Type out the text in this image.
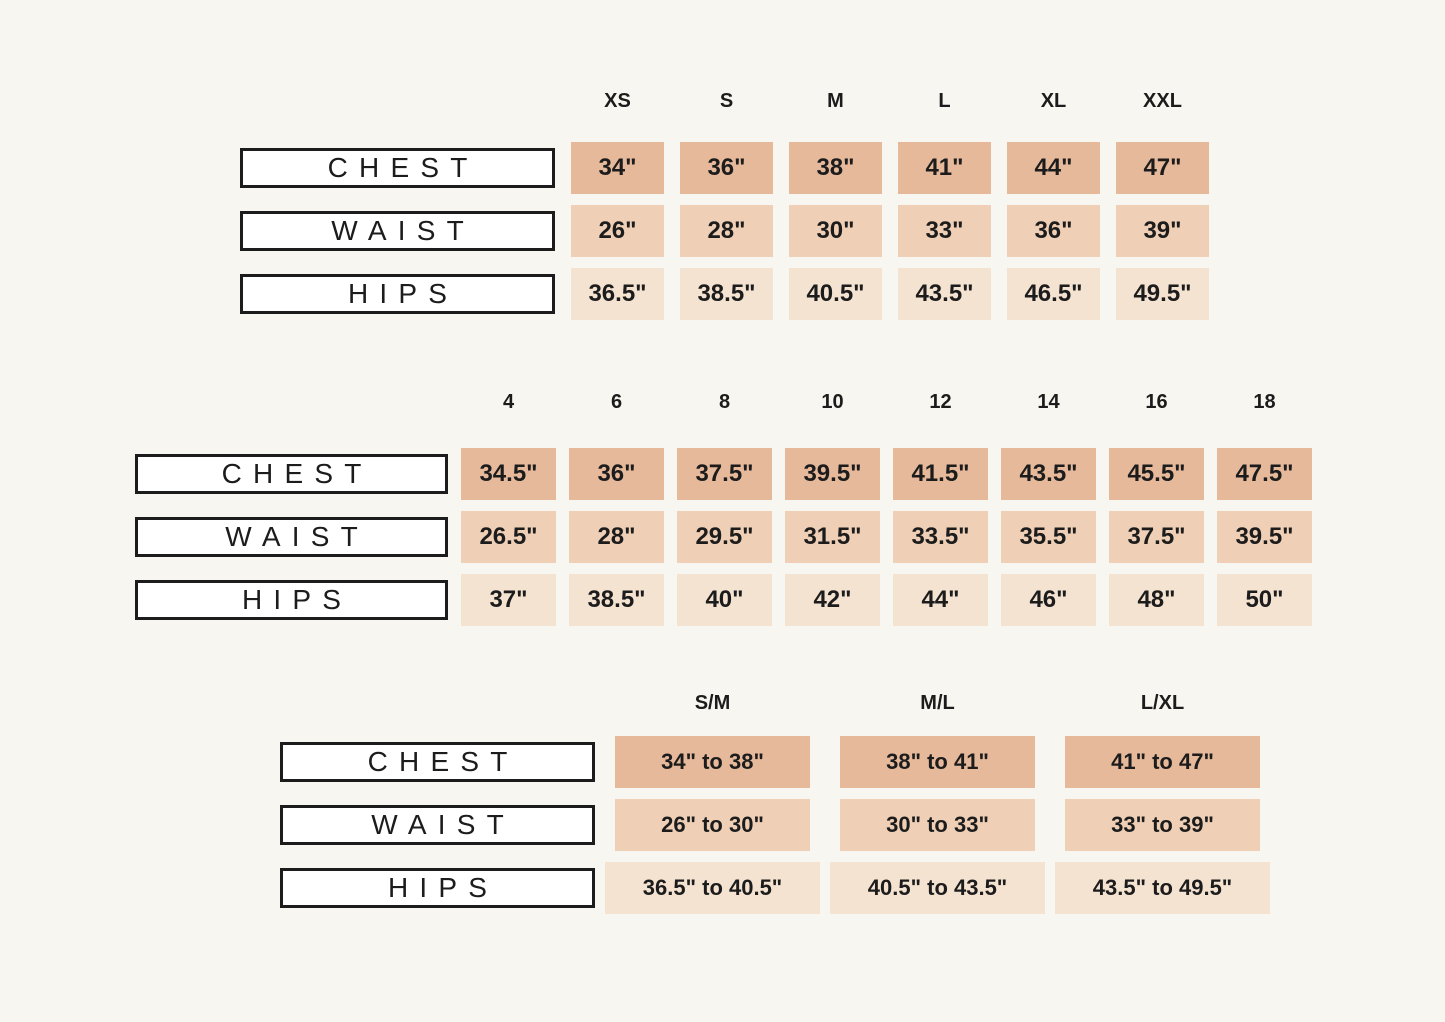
XS	S	M	L	XL	XXL
CHEST	34"	36"	38"	41"	44"	47"
WAIST	26"	28"	30"	33"	36"	39"
HIPS	36.5"	38.5"	40.5"	43.5"	46.5"	49.5"
4	6	8	10	12	14	16	18
CHEST	34.5"	36"	37.5"	39.5"	41.5"	43.5"	45.5"	47.5"
WAIST	26.5"	28"	29.5"	31.5"	33.5"	35.5"	37.5"	39.5"
HIPS	37"	38.5"	40"	42"	44"	46"	48"	50"
S/M	M/L	L/XL
CHEST	34" to 38"	38" to 41"	41" to 47"
WAIST	26" to 30"	30" to 33"	33" to 39"
HIPS	36.5" to 40.5"	40.5" to 43.5"	43.5" to 49.5"
